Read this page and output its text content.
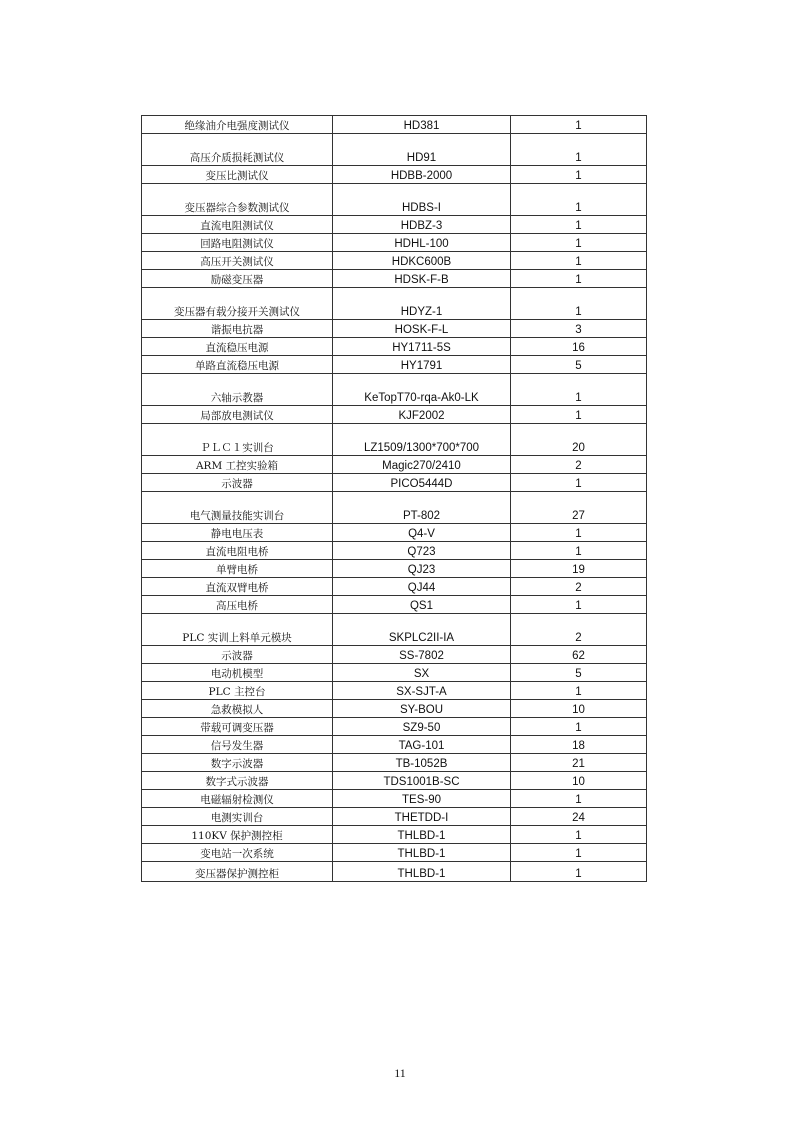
绝缘油介电强度测试仪	HD381	1
高压介质损耗测试仪	HD91	1
变压比测试仪	HDBB-2000	1
变压器综合参数测试仪	HDBS-I	1
直流电阻测试仪	HDBZ-3	1
回路电阻测试仪	HDHL-100	1
高压开关测试仪	HDKC600B	1
励磁变压器	HDSK-F-B	1
变压器有载分接开关测试仪	HDYZ-1	1
谐振电抗器	HOSK-F-L	3
直流稳压电源	HY1711-5S	16
单路直流稳压电源	HY1791	5
六轴示教器	KeTopT70-rqa-Ak0-LK	1
局部放电测试仪	KJF2002	1
ＰＬＣ１实训台	LZ1509/1300*700*700	20
ARM 工控实验箱	Magic270/2410	2
示波器	PICO5444D	1
电气测量技能实训台	PT-802	27
静电电压表	Q4-V	1
直流电阻电桥	Q723	1
单臂电桥	QJ23	19
直流双臂电桥	QJ44	2
高压电桥	QS1	1
PLC 实训上料单元模块	SKPLC2II-IA	2
示波器	SS-7802	62
电动机模型	SX	5
PLC 主控台	SX-SJT-A	1
急救模拟人	SY-BOU	10
带载可调变压器	SZ9-50	1
信号发生器	TAG-101	18
数字示波器	TB-1052B	21
数字式示波器	TDS1001B-SC	10
电磁辐射检测仪	TES-90	1
电测实训台	THETDD-I	24
110KV 保护测控柜	THLBD-1	1
变电站一次系统	THLBD-1	1
变压器保护测控柜	THLBD-1	1
11
